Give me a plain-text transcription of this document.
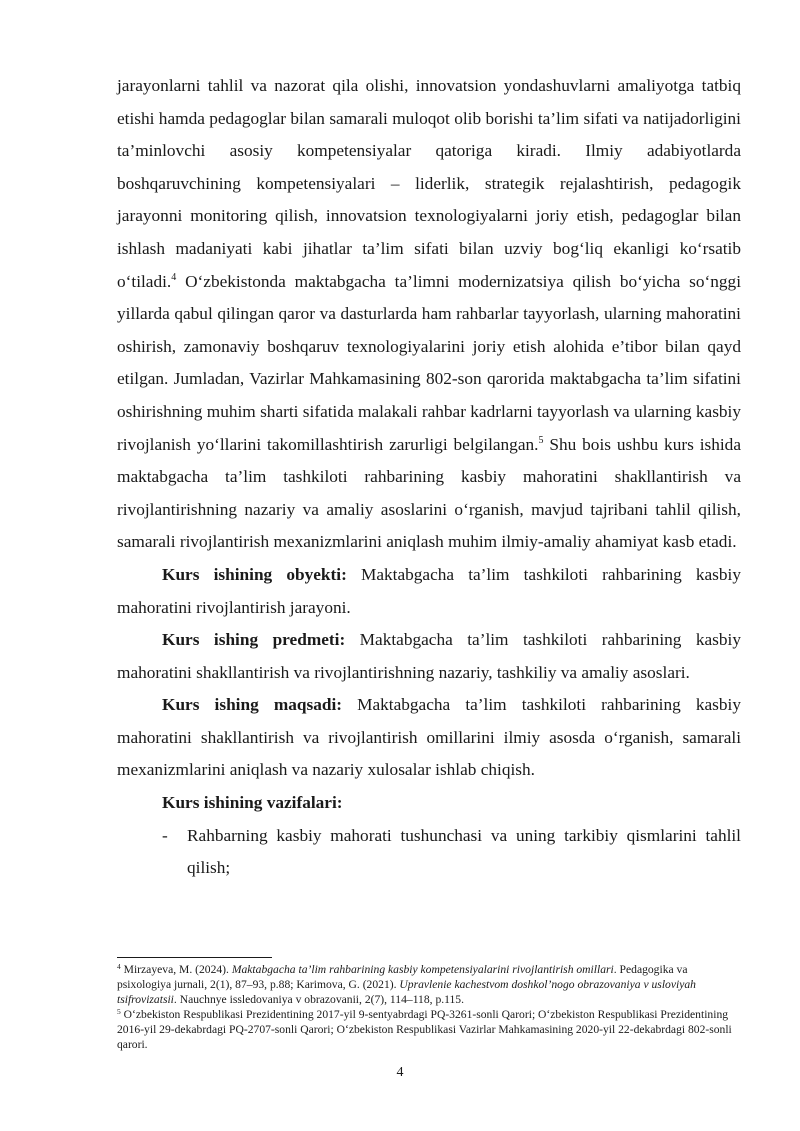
jarayonlarni tahlil va nazorat qila olishi, innovatsion yondashuvlarni amaliyotga tatbiq etishi hamda pedagoglar bilan samarali muloqot olib borishi ta’lim sifati va natijadorligini ta’minlovchi asosiy kompetensiyalar qatoriga kiradi. Ilmiy adabiyotlarda boshqaruvchining kompetensiyalari – liderlik, strategik rejalashtirish, pedagogik jarayonni monitoring qilish, innovatsion texnologiyalarni joriy etish, pedagoglar bilan ishlash madaniyati kabi jihatlar ta’lim sifati bilan uzviy bog‘liq ekanligi ko‘rsatib o‘tiladi.$^4$ O‘zbekistonda maktabgacha ta’limni modernizatsiya qilish bo‘yicha so‘nggi yillarda qabul qilingan qaror va dasturlarda ham rahbarlar tayyorlash, ularning mahoratini oshirish, zamonaviy boshqaruv texnologiyalarini joriy etish alohida e’tibor bilan qayd etilgan. Jumladan, Vazirlar Mahkamasining 802-son qarorida maktabgacha ta’lim sifatini oshirishning muhim sharti sifatida malakali rahbar kadrlarni tayyorlash va ularning kasbiy rivojlanish yo‘llarini takomillashtirish zarurligi belgilangan.$^5$ Shu bois ushbu kurs ishida maktabgacha ta’lim tashkiloti rahbarining kasbiy mahoratini shakllantirish va rivojlantirishning nazariy va amaliy asoslarini o‘rganish, mavjud tajribani tahlil qilish, samarali rivojlantirish mexanizmlarini aniqlash muhim ilmiy-amaliy ahamiyat kasb etadi.

Kurs ishining obyekti: Maktabgacha ta’lim tashkiloti rahbarining kasbiy mahoratini rivojlantirish jarayoni.

Kurs ishing predmeti: Maktabgacha ta’lim tashkiloti rahbarining kasbiy mahoratini shakllantirish va rivojlantirishning nazariy, tashkiliy va amaliy asoslari.

Kurs ishing maqsadi: Maktabgacha ta’lim tashkiloti rahbarining kasbiy mahoratini shakllantirish va rivojlantirish omillarini ilmiy asosda o‘rganish, samarali mexanizmlarini aniqlash va nazariy xulosalar ishlab chiqish.

Kurs ishining vazifalari:

- Rahbarning kasbiy mahorati tushunchasi va uning tarkibiy qismlarini tahlil qilish;

$^4$ Mirzayeva, M. (2024). Maktabgacha ta’lim rahbarining kasbiy kompetensiyalarini rivojlantirish omillari. Pedagogika va psixologiya jurnali, 2(1), 87–93, p.88; Karimova, G. (2021). Upravlenie kachestvom doshkol’nogo obrazovaniya v usloviyah tsifrovizatsii. Nauchnye issledovaniya v obrazovanii, 2(7), 114–118, p.115.

$^5$ O‘zbekiston Respublikasi Prezidentining 2017-yil 9-sentyabrdagi PQ-3261-sonli Qarori; O‘zbekiston Respublikasi Prezidentining 2016-yil 29-dekabrdagi PQ-2707-sonli Qarori; O‘zbekiston Respublikasi Vazirlar Mahkamasining 2020-yil 22-dekabrdagi 802-sonli qarori.

4
